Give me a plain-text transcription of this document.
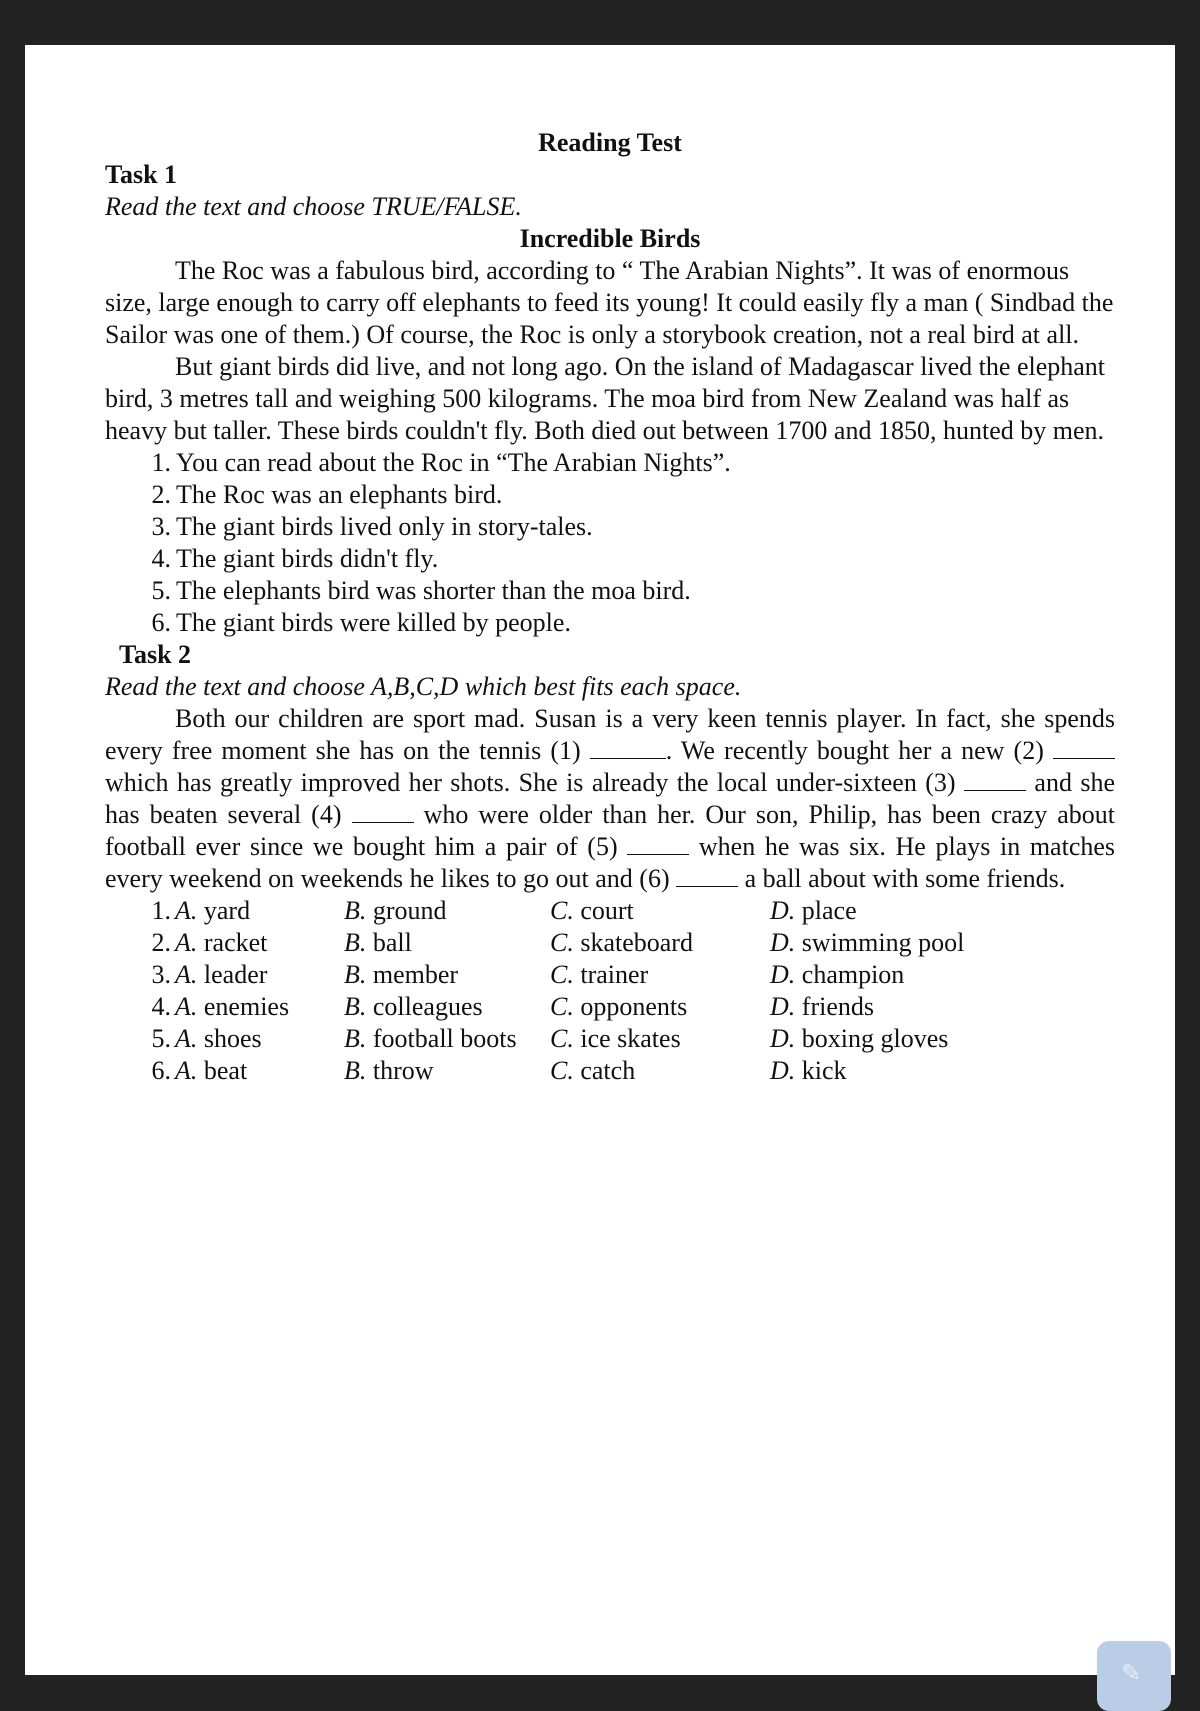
Reading Test

Task 1

Read the text and choose TRUE/FALSE.

Incredible Birds

The Roc was a fabulous bird, according to “ The Arabian Nights”. It was of enormous size, large enough to carry off elephants to feed its young! It could easily fly a man ( Sindbad the Sailor was one of them.) Of course, the Roc is only a storybook creation, not a real bird at all.

But giant birds did live, and not long ago. On the island of Madagascar lived the elephant bird, 3 metres tall and weighing 500 kilograms. The moa bird from New Zealand was half as heavy but taller. These birds couldn't fly. Both died out between 1700 and 1850, hunted by men.

1. You can read about the Roc in “The Arabian Nights”.
2. The Roc was an elephants bird.
3. The giant birds lived only in story-tales.
4. The giant birds didn't fly.
5. The elephants bird was shorter than the moa bird.
6. The giant birds were killed by people.

Task 2

Read the text and choose A,B,C,D which best fits each space.

Both our children are sport mad. Susan is a very keen tennis player. In fact, she spends every free moment she has on the tennis (1)	. We recently bought her a new (2)  which has greatly improved her shots. She is already the local under-sixteen (3)	and she has beaten several (4)	who were older than her. Our son, Philip, has been crazy about football ever since we bought him a pair of (5)	when he was six. He plays in matches every weekend on weekends he likes to go out and (6)	a ball about with some friends.

1. A. yard	B. ground	C. court	D. place
2. A. racket	B. ball	C. skateboard	D. swimming pool
3. A. leader	B. member	C. trainer	D. champion
4. A. enemies	B. colleagues	C. opponents	D. friends
5. A. shoes	B. football boots	C. ice skates	D. boxing gloves
6. A. beat	B. throw	C. catch	D. kick
✎
